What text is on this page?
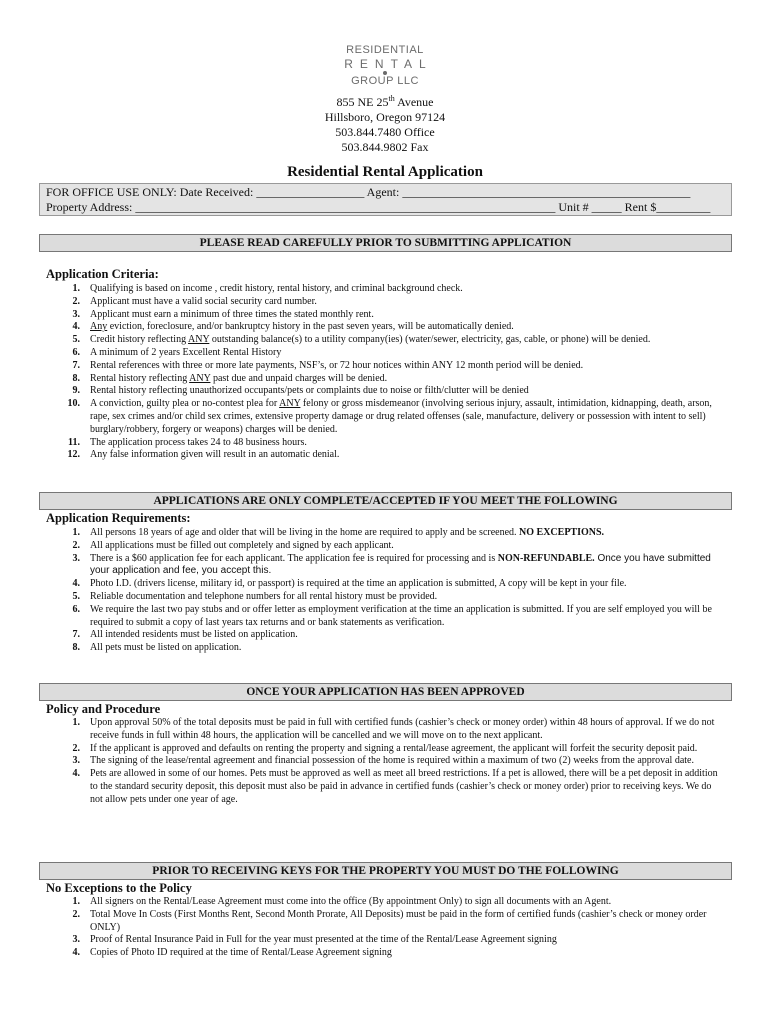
RESIDENTIAL
RENTAL
GROUP LLC
855 NE 25th Avenue
Hillsboro, Oregon 97124
503.844.7480 Office
503.844.9802 Fax
Residential Rental Application
FOR OFFICE USE ONLY: Date Received: __________________ Agent: ________________________________________________
Property Address: ______________________________________________________________________ Unit # _____ Rent $_________
PLEASE READ CAREFULLY PRIOR TO SUBMITTING APPLICATION
Application Criteria:
1. Qualifying is based on income , credit history, rental history, and criminal background check.
2. Applicant must have a valid social security card number.
3. Applicant must earn a minimum of three times the stated monthly rent.
4. Any eviction, foreclosure, and/or bankruptcy history in the past seven years, will be automatically denied.
5. Credit history reflecting ANY outstanding balance(s) to a utility company(ies) (water/sewer, electricity, gas, cable, or phone) will be denied.
6. A minimum of 2 years Excellent Rental History
7. Rental references with three or more late payments, NSF’s, or 72 hour notices within ANY 12 month period will be denied.
8. Rental history reflecting ANY past due and unpaid charges will be denied.
9. Rental history reflecting unauthorized occupants/pets or complaints due to noise or filth/clutter will be denied
10. A conviction, guilty plea or no-contest plea for ANY felony or gross misdemeanor (involving serious injury, assault, intimidation, kidnapping, death, arson, rape, sex crimes and/or child sex crimes, extensive property damage or drug related offenses (sale, manufacture, delivery or possession with intent to sell) burglary/robbery, forgery or weapons) charges will be denied.
11. The application process takes 24 to 48 business hours.
12. Any false information given will result in an automatic denial.
APPLICATIONS ARE ONLY COMPLETE/ACCEPTED IF YOU MEET THE FOLLOWING
Application Requirements:
1. All persons 18 years of age and older that will be living in the home are required to apply and be screened. NO EXCEPTIONS.
2. All applications must be filled out completely and signed by each applicant.
3. There is a $60 application fee for each applicant. The application fee is required for processing and is NON-REFUNDABLE. Once you have submitted your application and fee, you accept this.
4. Photo I.D. (drivers license, military id, or passport) is required at the time an application is submitted, A copy will be kept in your file.
5. Reliable documentation and telephone numbers for all rental history must be provided.
6. We require the last two pay stubs and or offer letter as employment verification at the time an application is submitted. If you are self employed you will be required to submit a copy of last years tax returns and or bank statements as verification.
7. All intended residents must be listed on application.
8. All pets must be listed on application.
ONCE YOUR APPLICATION HAS BEEN APPROVED
Policy and Procedure
1. Upon approval 50% of the total deposits must be paid in full with certified funds (cashier’s check or money order) within 48 hours of approval. If we do not receive funds in full within 48 hours, the application will be cancelled and we will move on to the next applicant.
2. If the applicant is approved and defaults on renting the property and signing a rental/lease agreement, the applicant will forfeit the security deposit paid.
3. The signing of the lease/rental agreement and financial possession of the home is required within a maximum of two (2) weeks from the approval date.
4. Pets are allowed in some of our homes. Pets must be approved as well as meet all breed restrictions. If a pet is allowed, there will be a pet deposit in addition to the standard security deposit, this deposit must also be paid in advance in certified funds (cashier’s check or money order) prior to receiving keys. We do not allow pets under one year of age.
PRIOR TO RECEIVING KEYS FOR THE PROPERTY YOU MUST DO THE FOLLOWING
No Exceptions to the Policy
1. All signers on the Rental/Lease Agreement must come into the office (By appointment Only) to sign all documents with an Agent.
2. Total Move In Costs (First Months Rent, Second Month Prorate, All Deposits) must be paid in the form of certified funds (cashier’s check or money order ONLY)
3. Proof of Rental Insurance Paid in Full for the year must presented at the time of the Rental/Lease Agreement signing
4. Copies of Photo ID required at the time of Rental/Lease Agreement signing
